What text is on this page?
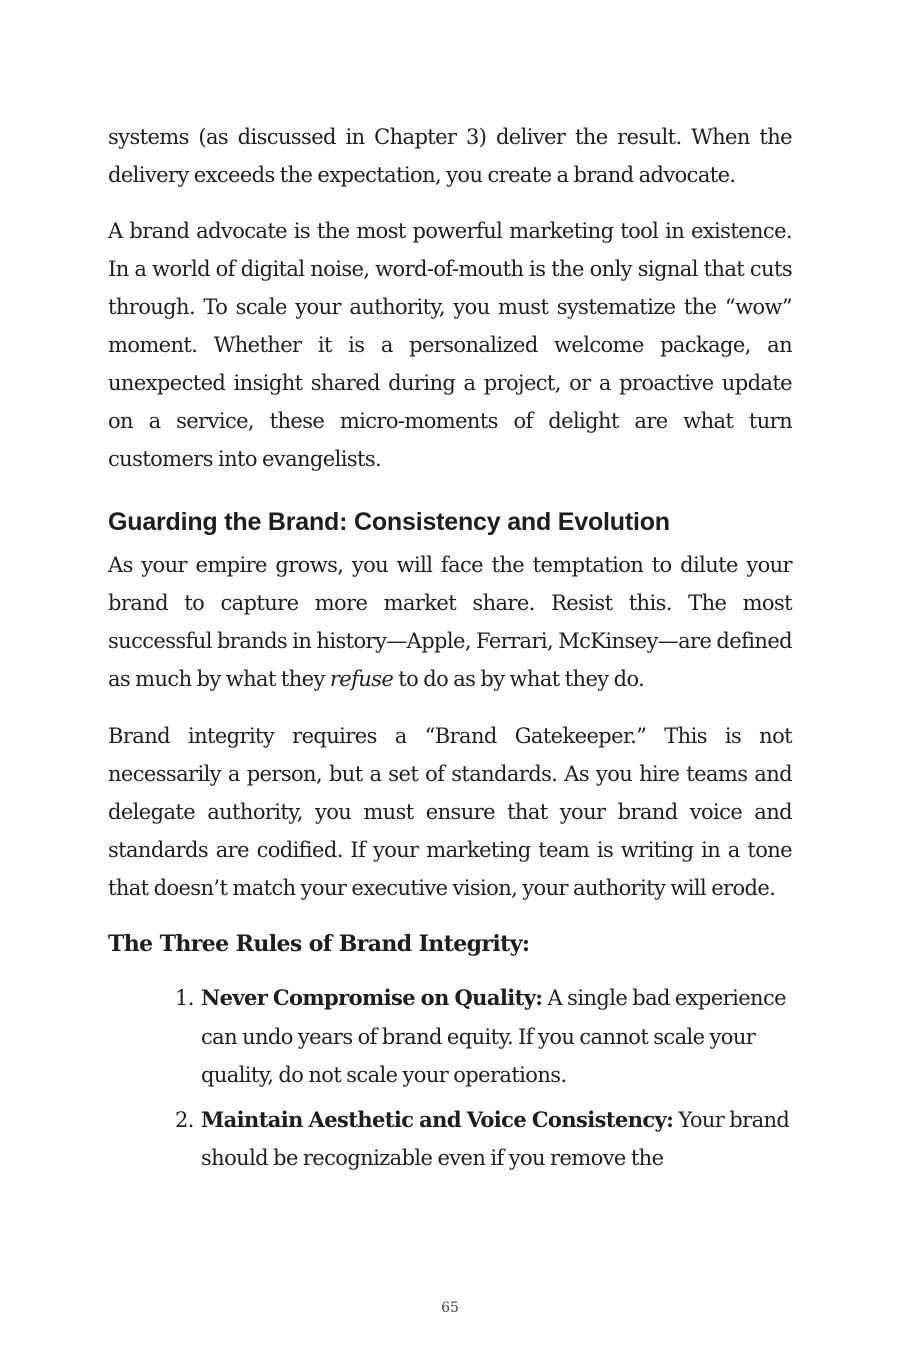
systems (as discussed in Chapter 3) deliver the result. When the delivery exceeds the expectation, you create a brand advocate.

A brand advocate is the most powerful marketing tool in existence. In a world of digital noise, word-of-mouth is the only signal that cuts through. To scale your authority, you must systematize the “wow” moment. Whether it is a personalized welcome package, an unexpected insight shared during a project, or a proactive update on a service, these micro-moments of delight are what turn customers into evangelists.

Guarding the Brand: Consistency and Evolution

As your empire grows, you will face the temptation to dilute your brand to capture more market share. Resist this. The most successful brands in history—Apple, Ferrari, McKinsey—are defined as much by what they refuse to do as by what they do.

Brand integrity requires a “Brand Gatekeeper.” This is not necessarily a person, but a set of standards. As you hire teams and delegate authority, you must ensure that your brand voice and standards are codified. If your marketing team is writing in a tone that doesn’t match your executive vision, your authority will erode.

The Three Rules of Brand Integrity:
1. Never Compromise on Quality: A single bad experience can undo years of brand equity. If you cannot scale your quality, do not scale your operations.
2. Maintain Aesthetic and Voice Consistency: Your brand should be recognizable even if you remove the
65
